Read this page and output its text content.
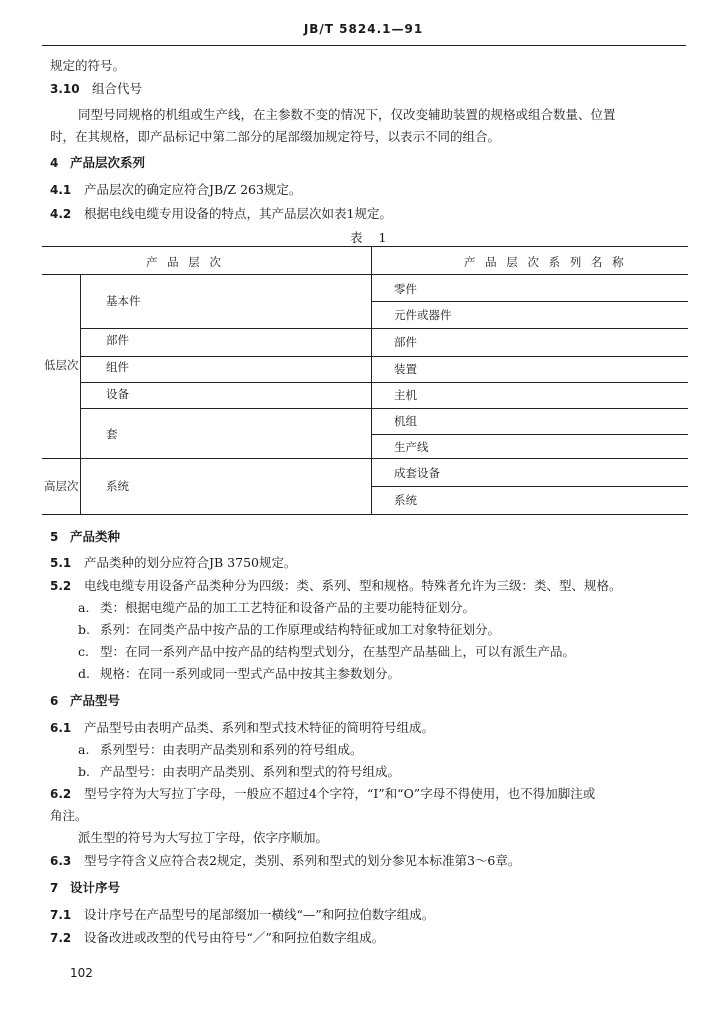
JB/T 5824.1—91
规定的符号。
3.10 组合代号
同型号同规格的机组或生产线，在主参数不变的情况下，仅改变辅助装置的规格或组合数量、位置
时，在其规格，即产品标记中第二部分的尾部缀加规定符号，以表示不同的组合。
4 产品层次系列
4.1 产品层次的确定应符合JB/Z 263规定。
4.2 根据电线电缆专用设备的特点，其产品层次如表1规定。
表 1
产 品 层 次	产 品 层 次 系 列 名 称
低层次
高层次
基本件
部件
组件
设备
套
系统
零件
元件或器件
部件
装置
主机
机组
生产线
成套设备
系统
5 产品类种
5.1 产品类种的划分应符合JB 3750规定。
5.2 电线电缆专用设备产品类种分为四级：类、系列、型和规格。特殊者允许为三级：类、型、规格。
a. 类：根据电缆产品的加工工艺特征和设备产品的主要功能特征划分。
b. 系列：在同类产品中按产品的工作原理或结构特征或加工对象特征划分。
c. 型：在同一系列产品中按产品的结构型式划分，在基型产品基础上，可以有派生产品。
d. 规格：在同一系列或同一型式产品中按其主参数划分。
6 产品型号
6.1 产品型号由表明产品类、系列和型式技术特征的简明符号组成。
a. 系列型号：由表明产品类别和系列的符号组成。
b. 产品型号：由表明产品类别、系列和型式的符号组成。
6.2 型号字符为大写拉丁字母，一般应不超过4个字符，“I”和“O”字母不得使用，也不得加脚注或
角注。
派生型的符号为大写拉丁字母，依字序顺加。
6.3 型号字符含义应符合表2规定，类别、系列和型式的划分参见本标准第3～6章。
7 设计序号
7.1 设计序号在产品型号的尾部缀加一横线“—”和阿拉伯数字组成。
7.2 设备改进或改型的代号由符号“／”和阿拉伯数字组成。
102
